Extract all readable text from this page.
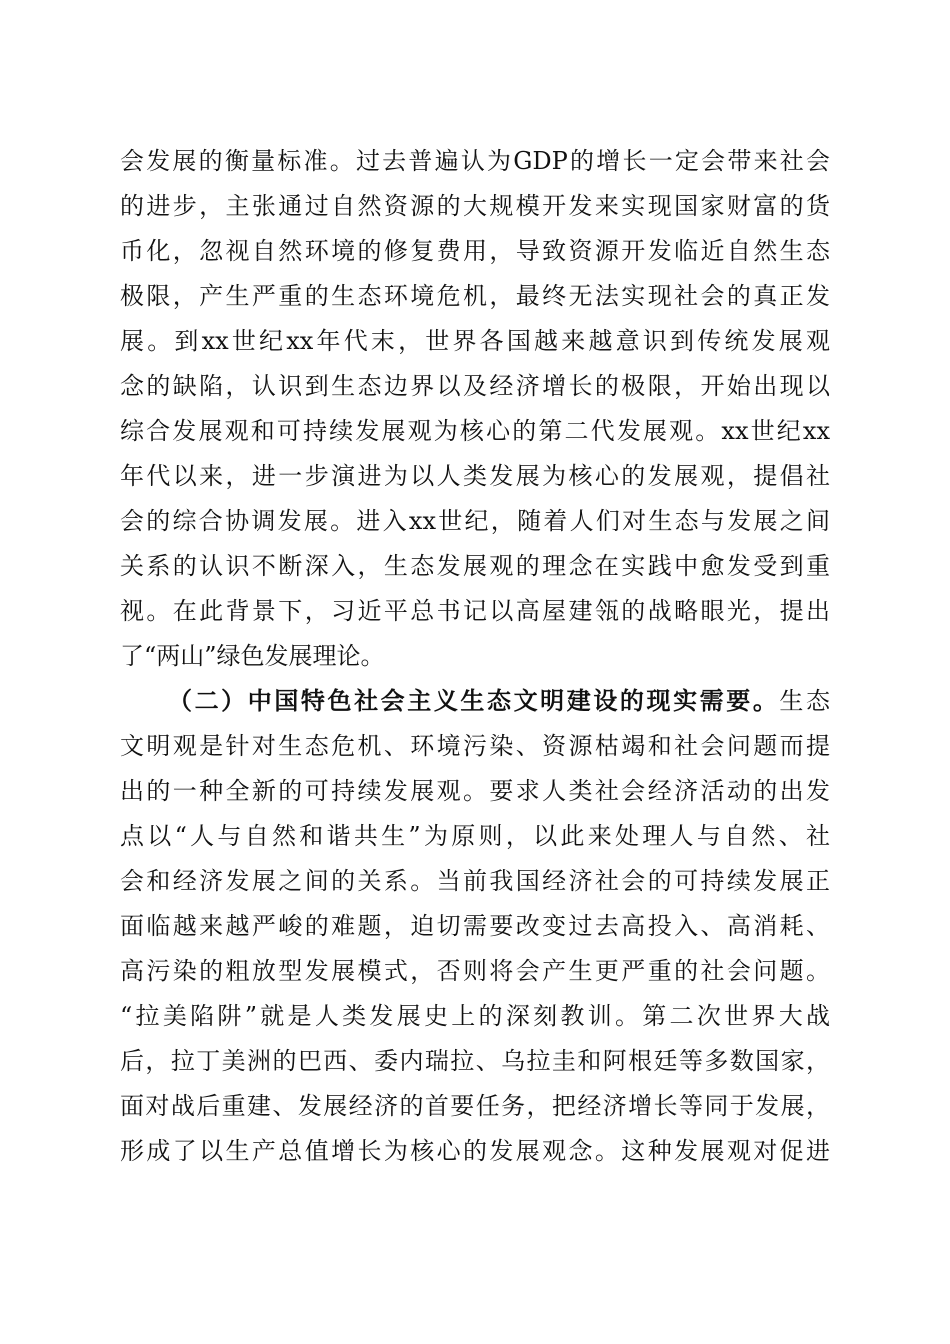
会发展的衡量标准。过去普遍认为GDP的增长一定会带来社会
的进步，主张通过自然资源的大规模开发来实现国家财富的货
币化，忽视自然环境的修复费用，导致资源开发临近自然生态
极限，产生严重的生态环境危机，最终无法实现社会的真正发
展。到xx世纪xx年代末，世界各国越来越意识到传统发展观
念的缺陷，认识到生态边界以及经济增长的极限，开始出现以
综合发展观和可持续发展观为核心的第二代发展观。xx世纪xx
年代以来，进一步演进为以人类发展为核心的发展观，提倡社
会的综合协调发展。进入xx世纪，随着人们对生态与发展之间
关系的认识不断深入，生态发展观的理念在实践中愈发受到重
视。在此背景下，习近平总书记以高屋建瓴的战略眼光，提出
了“两山”绿色发展理论。
（二）中国特色社会主义生态文明建设的现实需要。生态
文明观是针对生态危机、环境污染、资源枯竭和社会问题而提
出的一种全新的可持续发展观。要求人类社会经济活动的出发
点以“人与自然和谐共生”为原则，以此来处理人与自然、社
会和经济发展之间的关系。当前我国经济社会的可持续发展正
面临越来越严峻的难题，迫切需要改变过去高投入、高消耗、
高污染的粗放型发展模式，否则将会产生更严重的社会问题。
“拉美陷阱”就是人类发展史上的深刻教训。第二次世界大战
后，拉丁美洲的巴西、委内瑞拉、乌拉圭和阿根廷等多数国家，
面对战后重建、发展经济的首要任务，把经济增长等同于发展，
形成了以生产总值增长为核心的发展观念。这种发展观对促进
